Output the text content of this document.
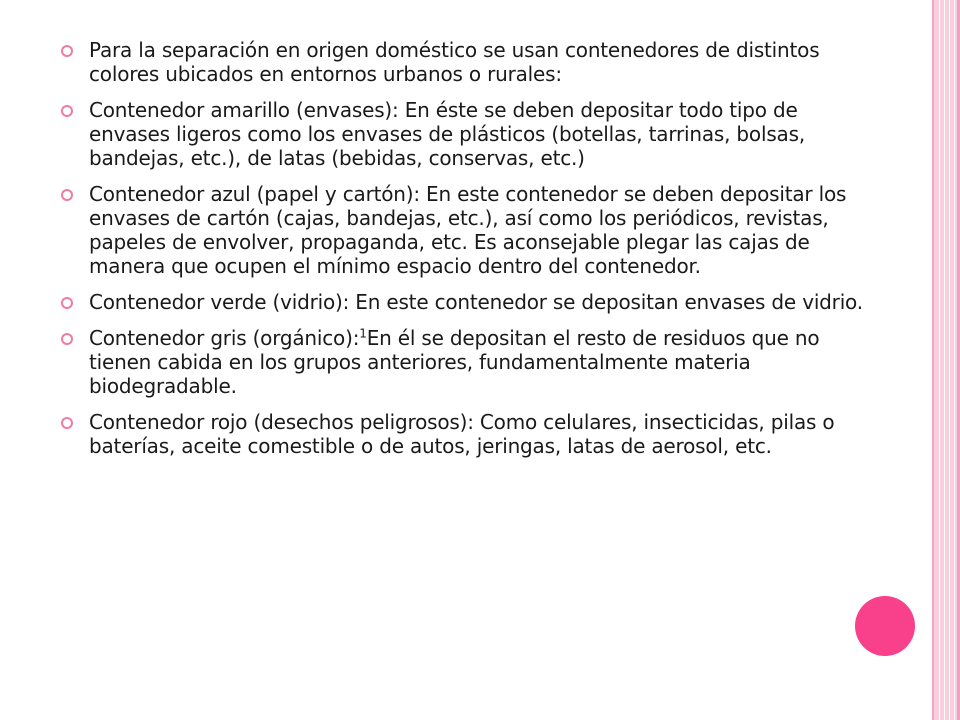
Para la separación en origen doméstico se usan contenedores de distintos colores ubicados en entornos urbanos o rurales:
Contenedor amarillo (envases): En éste se deben depositar todo tipo de envases ligeros como los envases de plásticos (botellas, tarrinas, bolsas, bandejas, etc.), de latas (bebidas, conservas, etc.)
Contenedor azul (papel y cartón): En este contenedor se deben depositar los envases de cartón (cajas, bandejas, etc.), así como los periódicos, revistas, papeles de envolver, propaganda, etc. Es aconsejable plegar las cajas de manera que ocupen el mínimo espacio dentro del contenedor.
Contenedor verde (vidrio): En este contenedor se depositan envases de vidrio.
Contenedor gris (orgánico):$^1$En él se depositan el resto de residuos que no tienen cabida en los grupos anteriores, fundamentalmente materia biodegradable.
Contenedor rojo (desechos peligrosos): Como celulares, insecticidas, pilas o baterías, aceite comestible o de autos, jeringas, latas de aerosol, etc.
